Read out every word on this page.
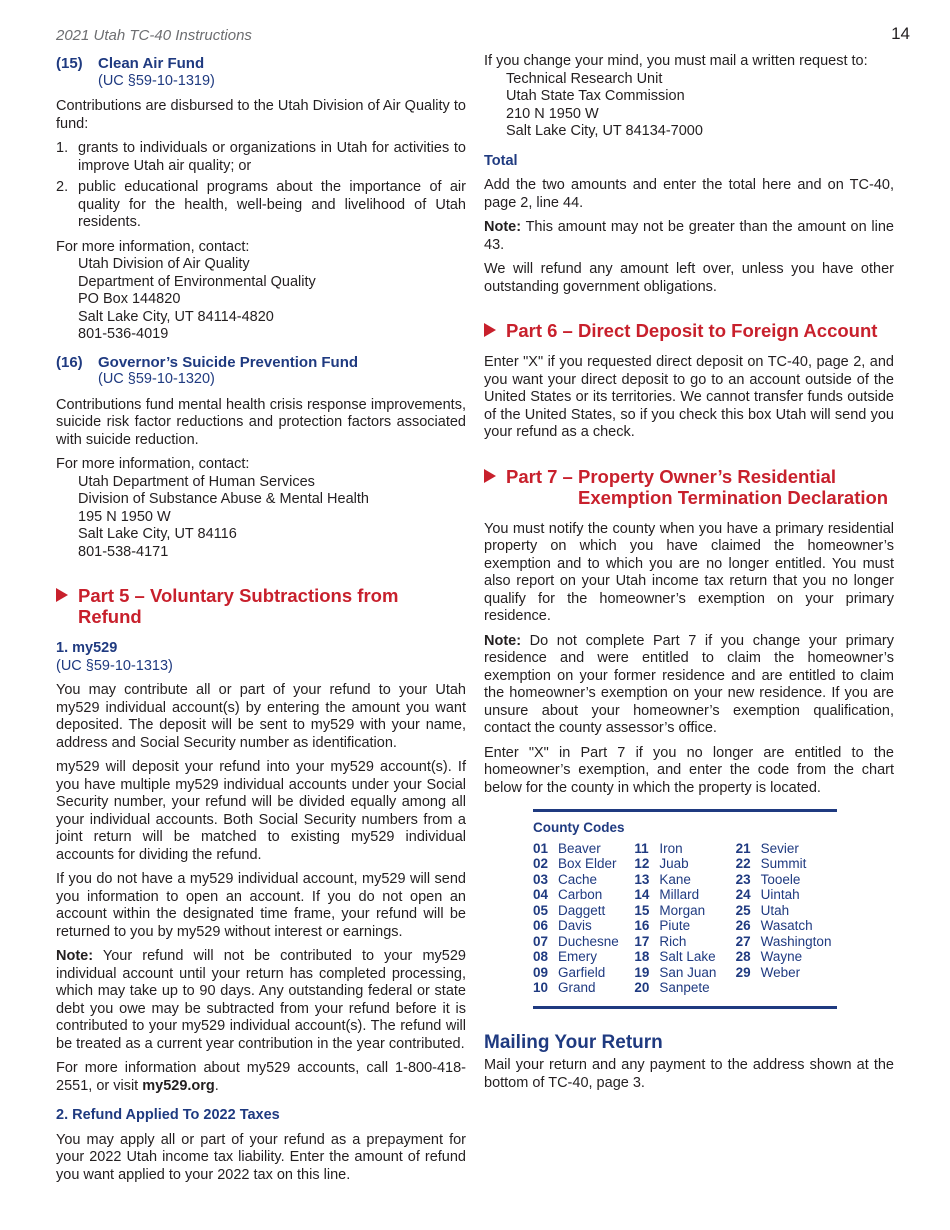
2021 Utah TC-40 Instructions	14
(15)	Clean Air Fund
(UC §59-10-1319)

Contributions are disbursed to the Utah Division of Air Quality to fund:

1. grants to individuals or organizations in Utah for activities to improve Utah air quality; or
2. public educational programs about the importance of air quality for the health, well-being and livelihood of Utah residents.

For more information, contact:

Utah Division of Air Quality
Department of Environmental Quality
PO Box 144820
Salt Lake City, UT 84114-4820
801-536-4019
(16)	Governor’s Suicide Prevention Fund
(UC §59-10-1320)

Contributions fund mental health crisis response improvements, suicide risk factor reductions and protection factors associated with suicide reduction.

For more information, contact:

Utah Department of Human Services
Division of Substance Abuse & Mental Health
195 N 1950 W
Salt Lake City, UT 84116
801-538-4171
Part 5 – Voluntary Subtractions from Refund
1. my529
(UC §59-10-1313)

You may contribute all or part of your refund to your Utah my529 individual account(s) by entering the amount you want deposited. The deposit will be sent to my529 with your name, address and Social Security number as identification.

my529 will deposit your refund into your my529 account(s). If you have multiple my529 individual accounts under your Social Security number, your refund will be divided equally among all your individual accounts. Both Social Security numbers from a joint return will be matched to existing my529 individual accounts for dividing the refund.

If you do not have a my529 individual account, my529 will send you information to open an account. If you do not open an account within the designated time frame, your refund will be returned to you by my529 without interest or earnings.

Note: Your refund will not be contributed to your my529 individual account until your return has completed processing, which may take up to 90 days. Any outstanding federal or state debt you owe may be subtracted from your refund before it is contributed to your my529 individual account(s). The refund will be treated as a current year contribution in the year contributed.

For more information about my529 accounts, call 1-800-418-2551, or visit my529.org.

2. Refund Applied To 2022 Taxes

You may apply all or part of your refund as a prepayment for your 2022 Utah income tax liability. Enter the amount of refund you want applied to your 2022 tax on this line.

If you change your mind, you must mail a written request to:

Technical Research Unit
Utah State Tax Commission
210 N 1950 W
Salt Lake City, UT 84134-7000
Total

Add the two amounts and enter the total here and on TC-40, page 2, line 44.

Note: This amount may not be greater than the amount on line 43.

We will refund any amount left over, unless you have other outstanding government obligations.

Part 6 – Direct Deposit to Foreign Account

Enter "X" if you requested direct deposit on TC-40, page 2, and you want your direct deposit to go to an account outside of the United States or its territories. We cannot transfer funds outside of the United States, so if you check this box Utah will send you your refund as a check.

Part 7 – Property Owner’s Residential
Exemption Termination Declaration

You must notify the county when you have a primary residential property on which you have claimed the homeowner’s exemption and to which you are no longer entitled. You must also report on your Utah income tax return that you no longer qualify for the homeowner’s exemption on your primary residence.

Note: Do not complete Part 7 if you change your primary residence and were entitled to claim the homeowner’s exemption on your former residence and are entitled to claim the homeowner’s exemption on your new residence. If you are unsure about your homeowner’s exemption qualification, contact the county assessor’s office.

Enter "X" in Part 7 if you no longer are entitled to the homeowner’s exemption, and enter the code from the chart below for the county in which the property is located.

County Codes
01 Beaver
02 Box Elder
03 Cache
04 Carbon
05 Daggett
06 Davis
07 Duchesne
08 Emery
09 Garfield
10 Grand
11 Iron
12 Juab
13 Kane
14 Millard
15 Morgan
16 Piute
17 Rich
18 Salt Lake
19 San Juan
20 Sanpete
21 Sevier
22 Summit
23 Tooele
24 Uintah
25 Utah
26 Wasatch
27 Washington
28 Wayne
29 Weber
Mailing Your Return

Mail your return and any payment to the address shown at the bottom of TC-40, page 3.
